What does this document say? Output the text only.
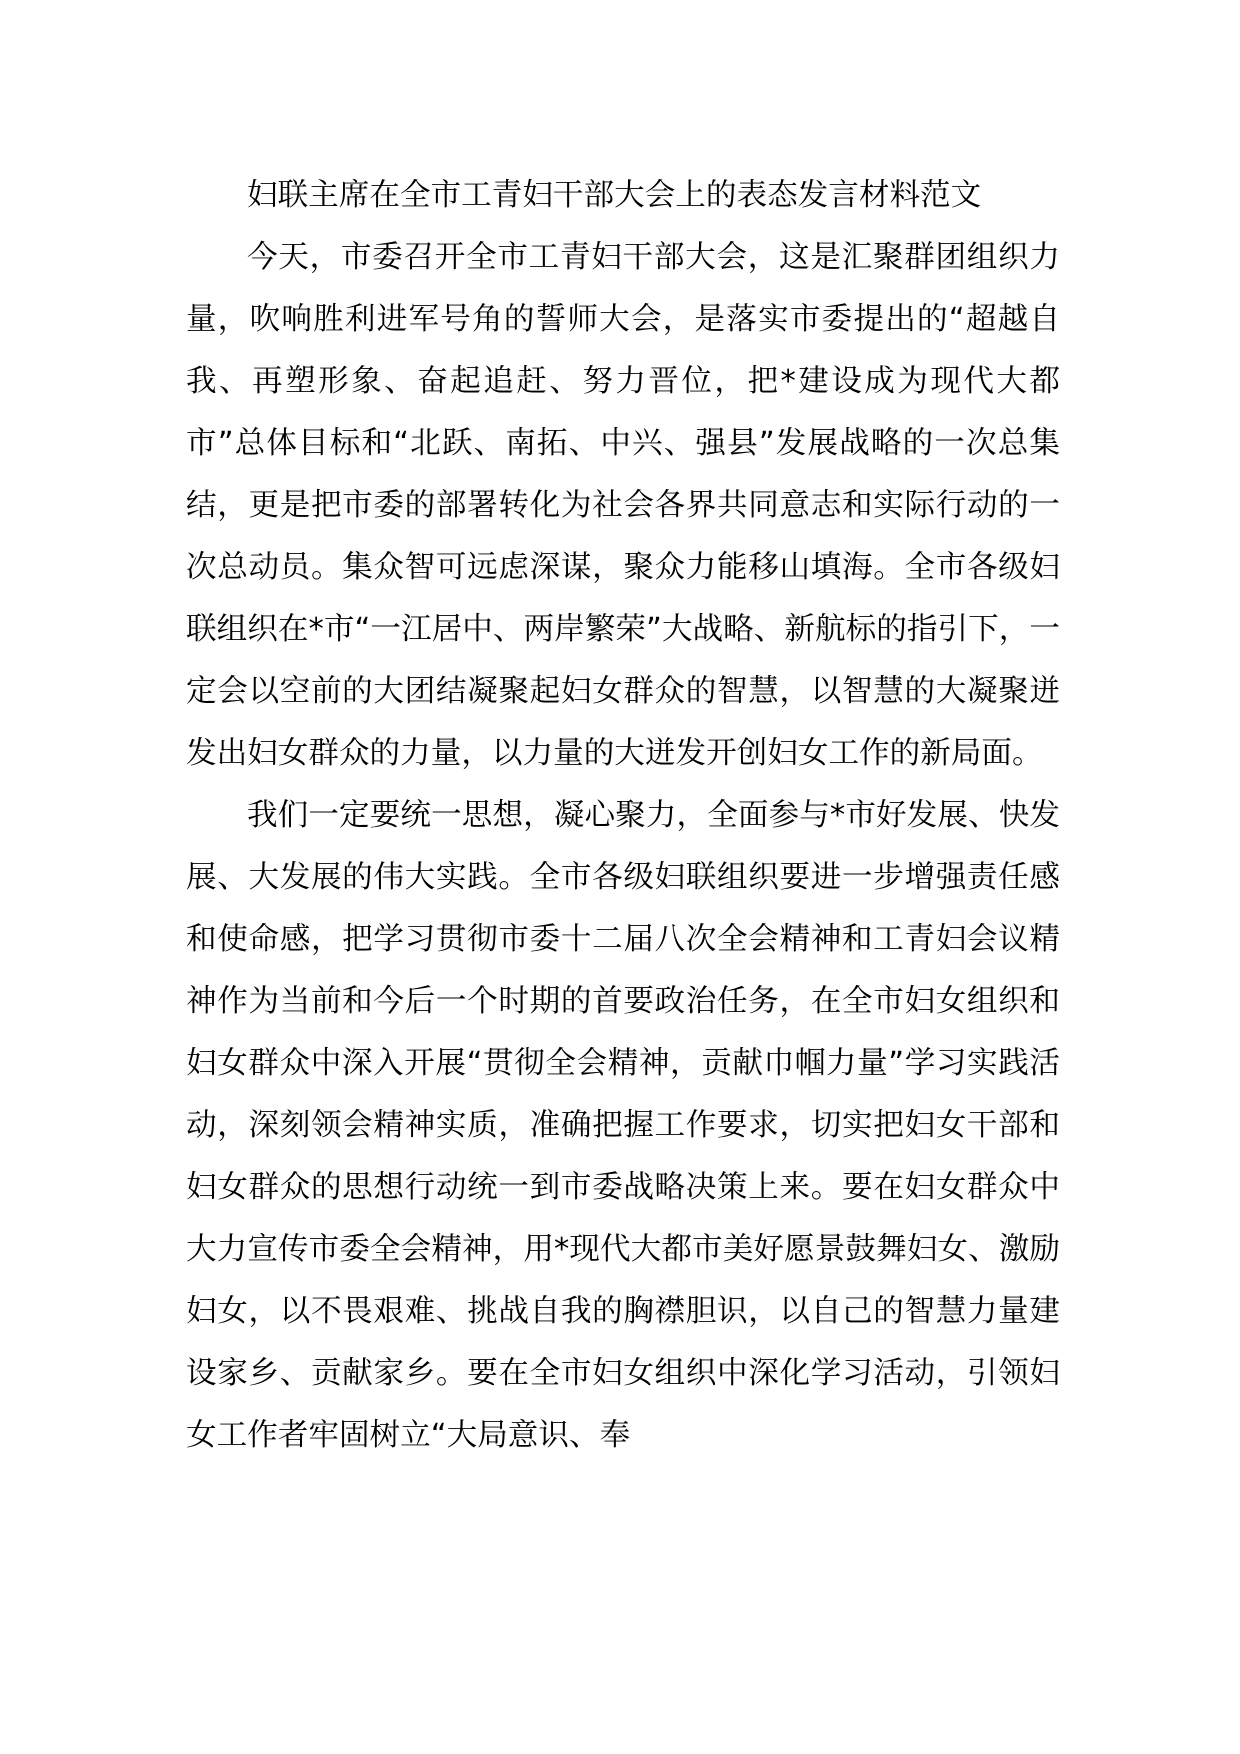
妇联主席在全市工青妇干部大会上的表态发言材料范文

今天，市委召开全市工青妇干部大会，这是汇聚群团组织力量，吹响胜利进军号角的誓师大会，是落实市委提出的“超越自我、再塑形象、奋起追赶、努力晋位，把*建设成为现代大都市”总体目标和“北跃、南拓、中兴、强县”发展战略的一次总集结，更是把市委的部署转化为社会各界共同意志和实际行动的一次总动员。集众智可远虑深谋，聚众力能移山填海。全市各级妇联组织在*市“一江居中、两岸繁荣”大战略、新航标的指引下，一定会以空前的大团结凝聚起妇女群众的智慧，以智慧的大凝聚迸发出妇女群众的力量，以力量的大迸发开创妇女工作的新局面。

我们一定要统一思想，凝心聚力，全面参与*市好发展、快发展、大发展的伟大实践。全市各级妇联组织要进一步增强责任感和使命感，把学习贯彻市委十二届八次全会精神和工青妇会议精神作为当前和今后一个时期的首要政治任务，在全市妇女组织和妇女群众中深入开展“贯彻全会精神，贡献巾帼力量”学习实践活动，深刻领会精神实质，准确把握工作要求，切实把妇女干部和妇女群众的思想行动统一到市委战略决策上来。要在妇女群众中大力宣传市委全会精神，用*现代大都市美好愿景鼓舞妇女、激励妇女，以不畏艰难、挑战自我的胸襟胆识，以自己的智慧力量建设家乡、贡献家乡。要在全市妇女组织中深化学习活动，引领妇女工作者牢固树立“大局意识、奉
